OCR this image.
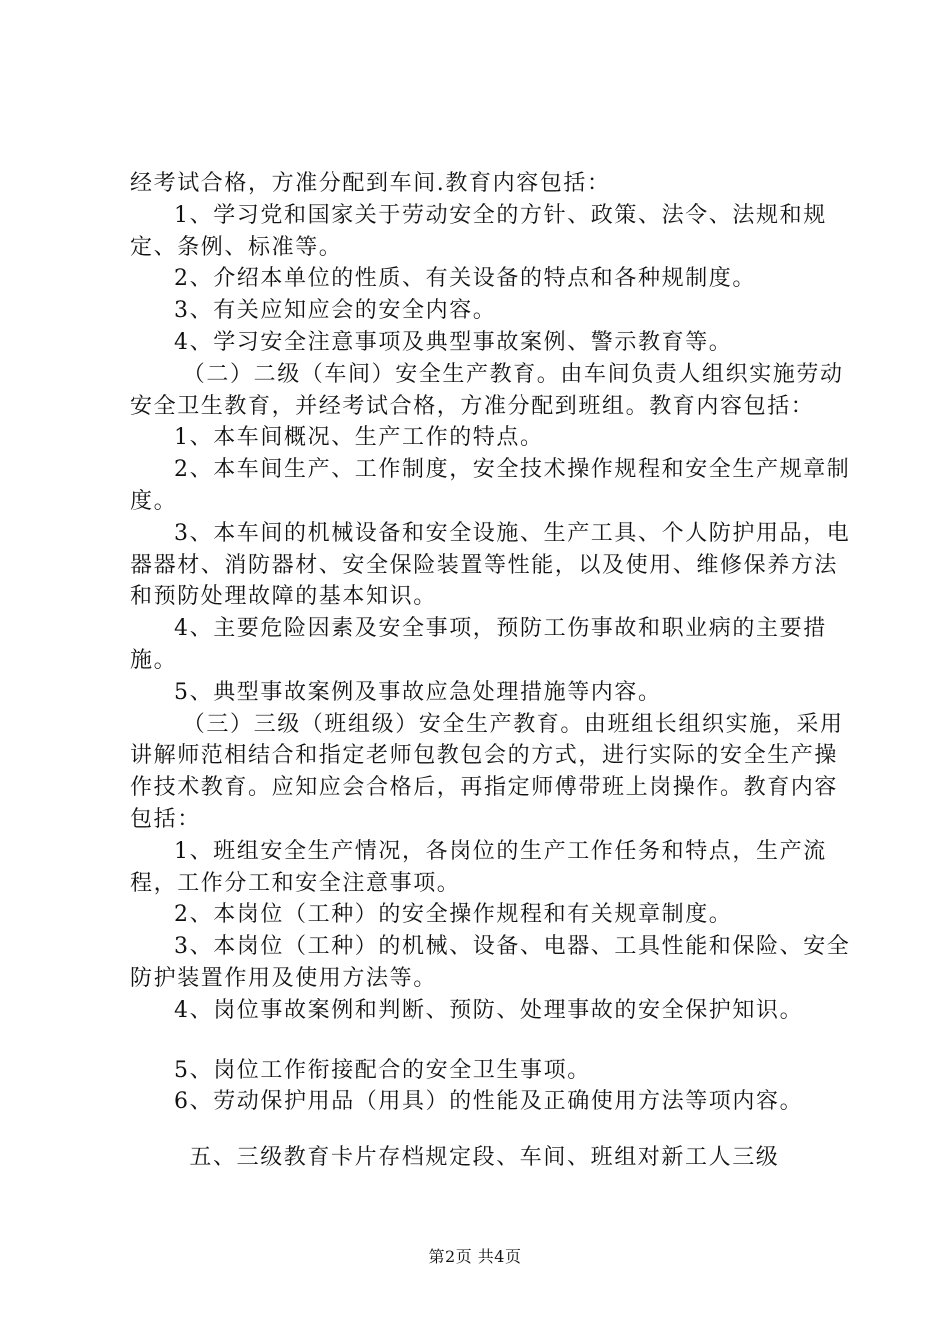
经考试合格，方准分配到车间.教育内容包括：

1、学习党和国家关于劳动安全的方针、政策、法令、法规和规定、条例、标准等。

2、介绍本单位的性质、有关设备的特点和各种规制度。

3、有关应知应会的安全内容。

4、学习安全注意事项及典型事故案例、警示教育等。

（二）二级（车间）安全生产教育。由车间负责人组织实施劳动安全卫生教育，并经考试合格，方准分配到班组。教育内容包括：

1、本车间概况、生产工作的特点。

2、本车间生产、工作制度，安全技术操作规程和安全生产规章制度。

3、本车间的机械设备和安全设施、生产工具、个人防护用品，电器器材、消防器材、安全保险装置等性能，以及使用、维修保养方法和预防处理故障的基本知识。

4、主要危险因素及安全事项，预防工伤事故和职业病的主要措施。

5、典型事故案例及事故应急处理措施等内容。

（三）三级（班组级）安全生产教育。由班组长组织实施，采用讲解师范相结合和指定老师包教包会的方式，进行实际的安全生产操作技术教育。应知应会合格后，再指定师傅带班上岗操作。教育内容包括：

1、班组安全生产情况，各岗位的生产工作任务和特点，生产流程，工作分工和安全注意事项。

2、本岗位（工种）的安全操作规程和有关规章制度。

3、本岗位（工种）的机械、设备、电器、工具性能和保险、安全防护装置作用及使用方法等。

4、岗位事故案例和判断、预防、处理事故的安全保护知识。

5、岗位工作衔接配合的安全卫生事项。

6、劳动保护用品（用具）的性能及正确使用方法等项内容。

五、三级教育卡片存档规定段、车间、班组对新工人三级

第2页 共4页
